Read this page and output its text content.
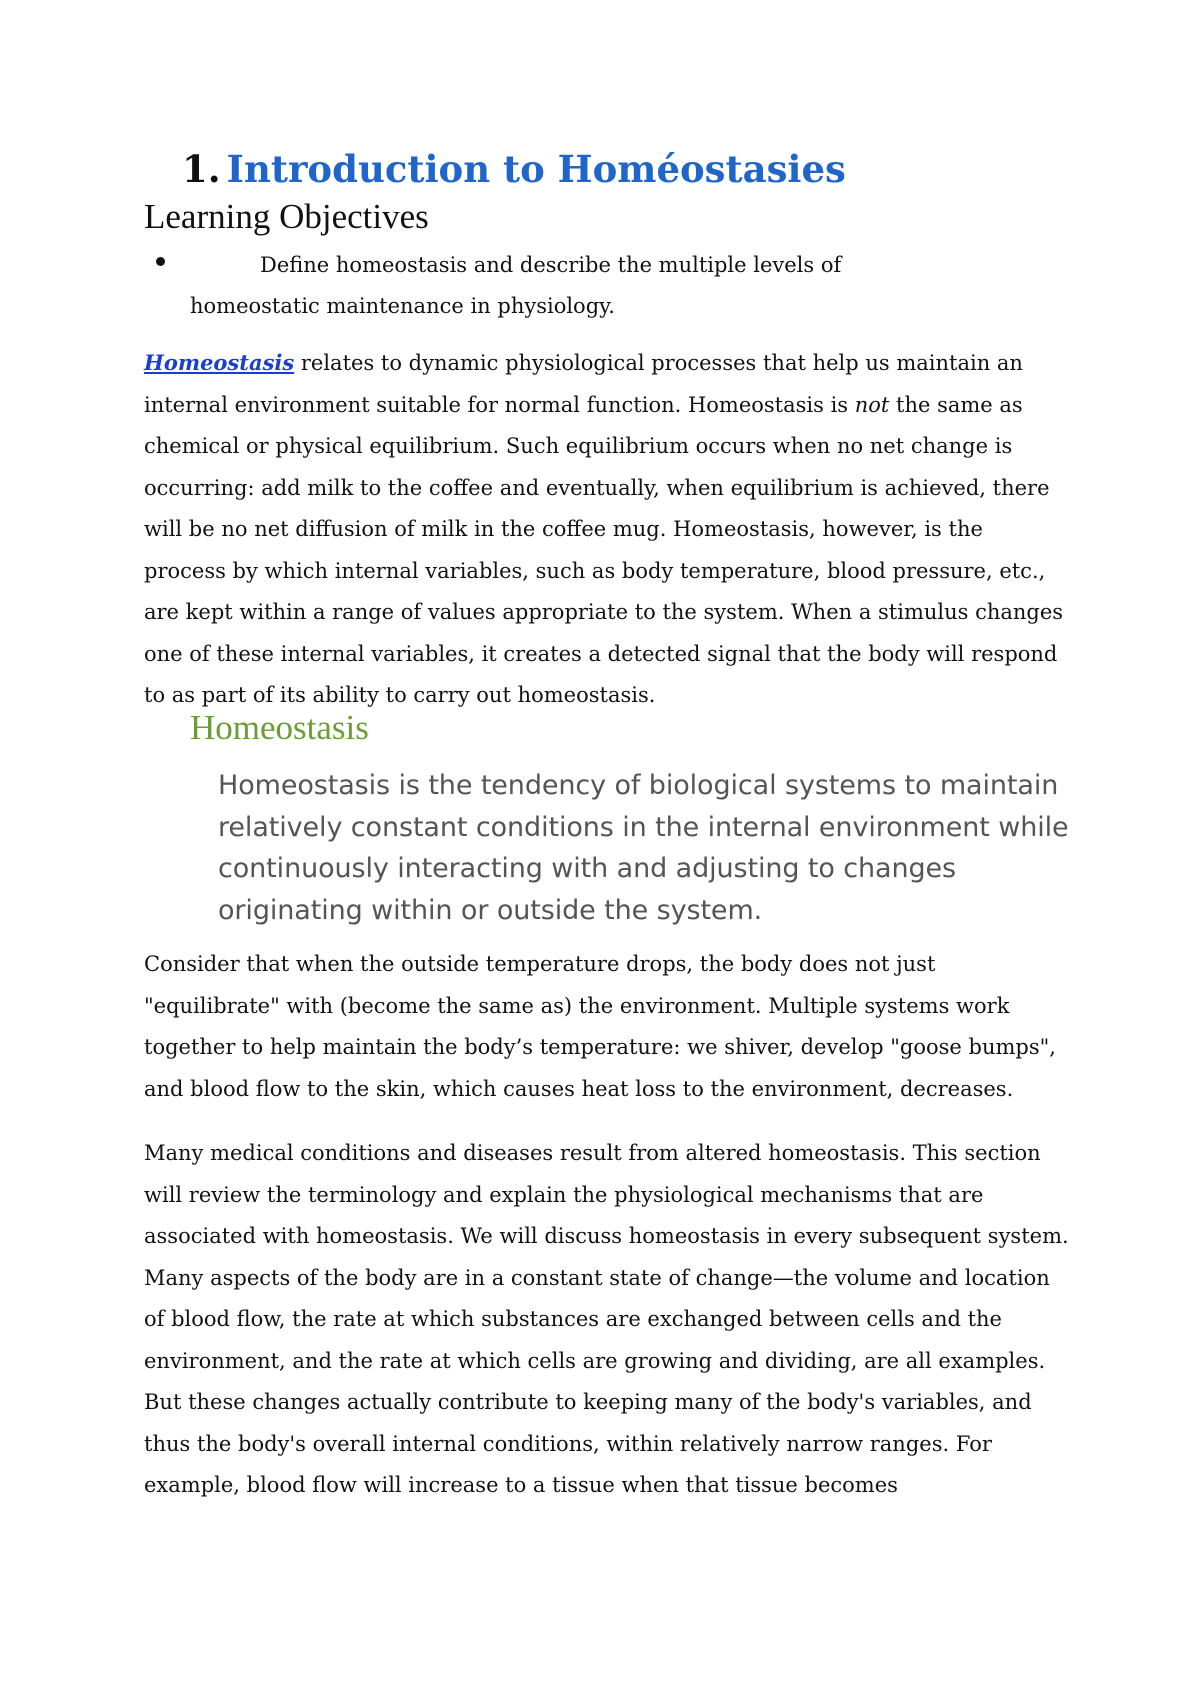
1. Introduction to Homéostasies
Learning Objectives
Define homeostasis and describe the multiple levels of homeostatic maintenance in physiology.

Homeostasis relates to dynamic physiological processes that help us maintain an internal environment suitable for normal function. Homeostasis is not the same as chemical or physical equilibrium. Such equilibrium occurs when no net change is occurring: add milk to the coffee and eventually, when equilibrium is achieved, there will be no net diffusion of milk in the coffee mug. Homeostasis, however, is the process by which internal variables, such as body temperature, blood pressure, etc., are kept within a range of values appropriate to the system. When a stimulus changes one of these internal variables, it creates a detected signal that the body will respond to as part of its ability to carry out homeostasis.

Homeostasis

Homeostasis is the tendency of biological systems to maintain relatively constant conditions in the internal environment while continuously interacting with and adjusting to changes originating within or outside the system.

Consider that when the outside temperature drops, the body does not just "equilibrate" with (become the same as) the environment. Multiple systems work together to help maintain the body’s temperature: we shiver, develop "goose bumps", and blood flow to the skin, which causes heat loss to the environment, decreases.

Many medical conditions and diseases result from altered homeostasis. This section will review the terminology and explain the physiological mechanisms that are associated with homeostasis. We will discuss homeostasis in every subsequent system. Many aspects of the body are in a constant state of change—the volume and location of blood flow, the rate at which substances are exchanged between cells and the environment, and the rate at which cells are growing and dividing, are all examples. But these changes actually contribute to keeping many of the body's variables, and thus the body's overall internal conditions, within relatively narrow ranges. For example, blood flow will increase to a tissue when that tissue becomes
